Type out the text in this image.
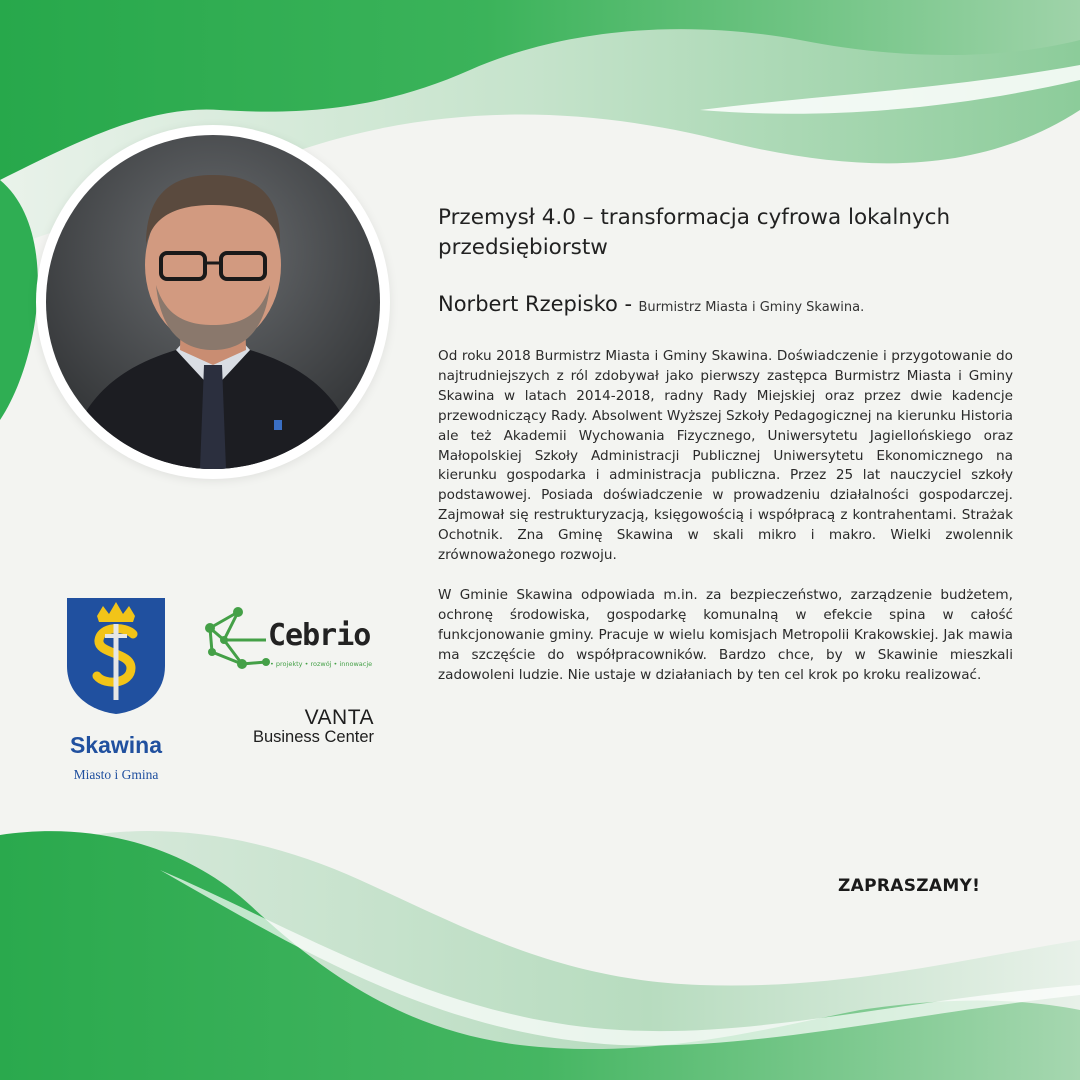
Przemysł 4.0 – transformacja cyfrowa lokalnych przedsiębiorstw
Norbert Rzepisko - Burmistrz Miasta i Gminy Skawina.

Od roku 2018 Burmistrz Miasta i Gminy Skawina. Doświadczenie i przygotowanie do najtrudniejszych z ról zdobywał jako pierwszy zastępca Burmistrz Miasta i Gminy Skawina w latach 2014-2018, radny Rady Miejskiej oraz przez dwie kadencje przewodniczący Rady. Absolwent Wyższej Szkoły Pedagogicznej na kierunku Historia ale też Akademii Wychowania Fizycznego, Uniwersytetu Jagiellońskiego oraz Małopolskiej Szkoły Administracji Publicznej Uniwersytetu Ekonomicznego na kierunku gospodarka i administracja publiczna. Przez 25 lat nauczyciel szkoły podstawowej. Posiada doświadczenie w prowadzeniu działalności gospodarczej. Zajmował się restrukturyzacją, księgowością i współpracą z kontrahentami. Strażak Ochotnik. Zna Gminę Skawina w skali mikro i makro. Wielki zwolennik zrównoważonego rozwoju.

W Gminie Skawina odpowiada m.in. za bezpieczeństwo, zarządzenie budżetem, ochronę środowiska, gospodarkę komunalną w efekcie spina w całość funkcjonowanie gminy. Pracuje w wielu komisjach Metropolii Krakowskiej. Jak mawia ma szczęście do współpracowników. Bardzo chce, by w Skawinie mieszkali zadowoleni ludzie. Nie ustaje w działaniach by ten cel krok po kroku realizować.

ZAPRASZAMY!
Skawina
Miasto i Gmina
Cebrio
• projekty • rozwój • innowacje
VANTA
Business Center
